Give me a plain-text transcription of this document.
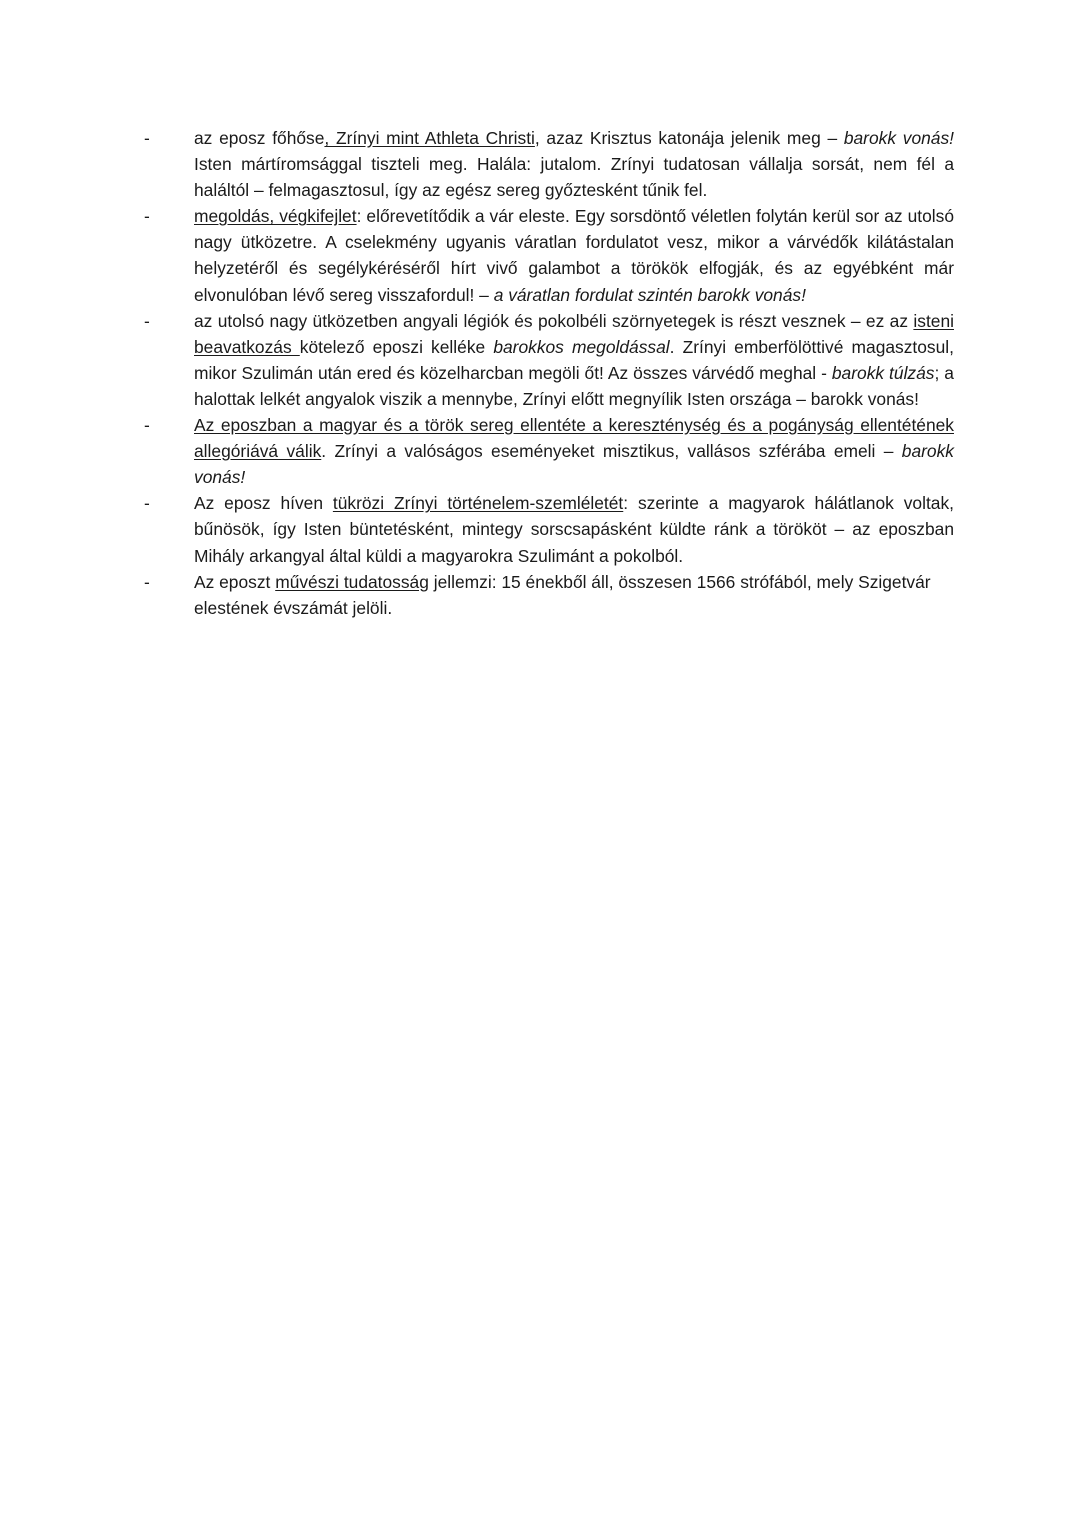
-	az eposz főhőse, Zrínyi mint Athleta Christi, azaz Krisztus katonája jelenik meg – barokk vonás! Isten mártíromsággal tiszteli meg. Halála: jutalom. Zrínyi tudatosan vállalja sorsát, nem fél a haláltól – felmagasztosul, így az egész sereg győztesként tűnik fel.
-	megoldás, végkifejlet: előrevetítődik a vár eleste. Egy sorsdöntő véletlen folytán kerül sor az utolsó nagy ütközetre. A cselekmény ugyanis váratlan fordulatot vesz, mikor a várvédők kilátástalan helyzetéről és segélykéréséről hírt vivő galambot a törökök elfogják, és az egyébként már elvonulóban lévő sereg visszafordul! – a váratlan fordulat szintén barokk vonás!
-	az utolsó nagy ütközetben angyali légiók és pokolbéli szörnyetegek is részt vesznek – ez az isteni beavatkozás kötelező eposzi kelléke barokkos megoldással. Zrínyi emberfölöttivé magasztosul, mikor Szulimán után ered és közelharcban megöli őt! Az összes várvédő meghal - barokk túlzás; a halottak lelkét angyalok viszik a mennybe, Zrínyi előtt megnyílik Isten országa – barokk vonás!
-	Az eposzban a magyar és a török sereg ellentéte a kereszténység és a pogányság ellentétének allegóriává válik. Zrínyi a valóságos eseményeket misztikus, vallásos szférába emeli – barokk vonás!
-	Az eposz híven tükrözi Zrínyi történelem-szemléletét: szerinte a magyarok hálátlanok voltak, bűnösök, így Isten büntetésként, mintegy sorscsapásként küldte ránk a törököt – az eposzban Mihály arkangyal által küldi a magyarokra Szulimánt a pokolból.
-	Az eposzt művészi tudatosság jellemzi: 15 énekből áll, összesen 1566 strófából, mely Szigetvár elestének évszámát jelöli.
